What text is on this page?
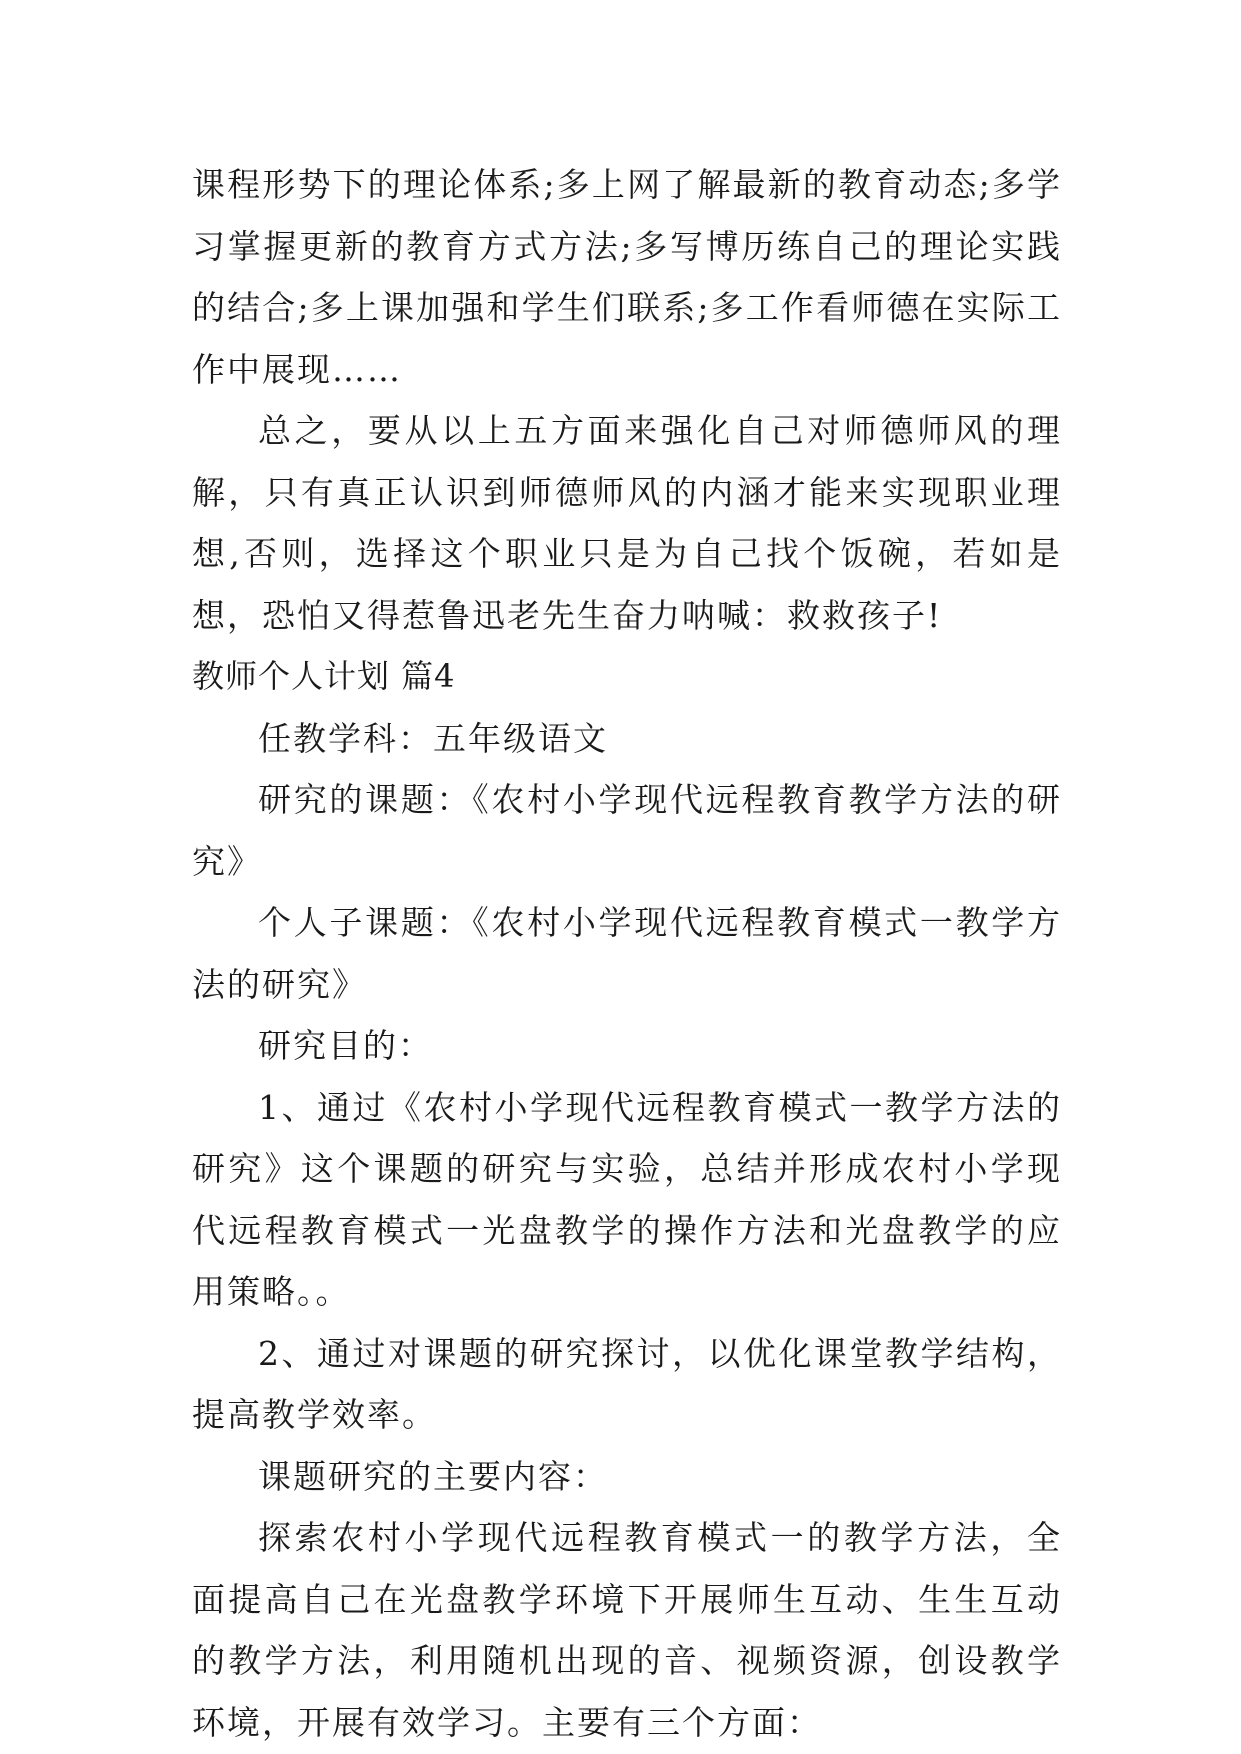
课程形势下的理论体系;多上网了解最新的教育动态;多学习掌握更新的教育方式方法;多写博历练自己的理论实践的结合;多上课加强和学生们联系;多工作看师德在实际工作中展现……

总之，要从以上五方面来强化自己对师德师风的理解，只有真正认识到师德师风的内涵才能来实现职业理想,否则，选择这个职业只是为自己找个饭碗，若如是想，恐怕又得惹鲁迅老先生奋力呐喊：救救孩子!

教师个人计划 篇4

任教学科：五年级语文

研究的课题：《农村小学现代远程教育教学方法的研究》

个人子课题：《农村小学现代远程教育模式一教学方法的研究》

研究目的：

1、通过《农村小学现代远程教育模式一教学方法的研究》这个课题的研究与实验，总结并形成农村小学现代远程教育模式一光盘教学的操作方法和光盘教学的应用策略。。

2、通过对课题的研究探讨，以优化课堂教学结构，提高教学效率。

课题研究的主要内容：

探索农村小学现代远程教育模式一的教学方法，全面提高自己在光盘教学环境下开展师生互动、生生互动的教学方法，利用随机出现的音、视频资源，创设教学环境，开展有效学习。主要有三个方面：
